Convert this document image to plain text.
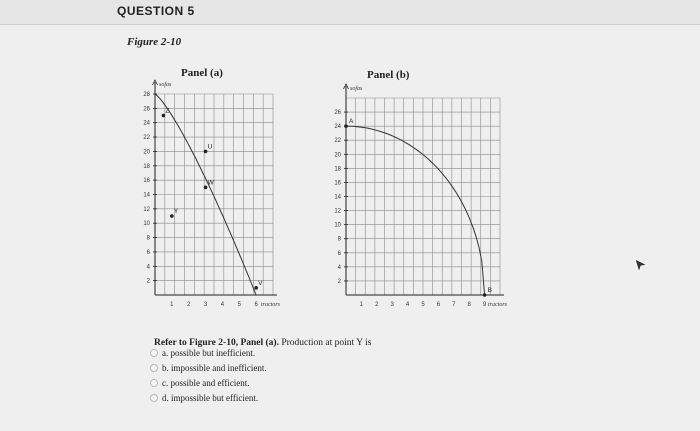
QUESTION 5
Figure 2-10
Panel (a)	Panel (b)
sofas
tractors
28
26
24
22
20
18
16
14
12
10
8
6
4
2
1 2 3 4 5 6
Z
U
W
Y
V
sofas
tractors
26
24
22
20
18
16
14
12
10
8
6
4
2
1 2 3 4 5 6 7 8 9
A
B
Refer to Figure 2-10, Panel (a). Production at point Y is
a. possible but inefficient.
b. impossible and inefficient.
c. possible and efficient.
d. impossible but efficient.
